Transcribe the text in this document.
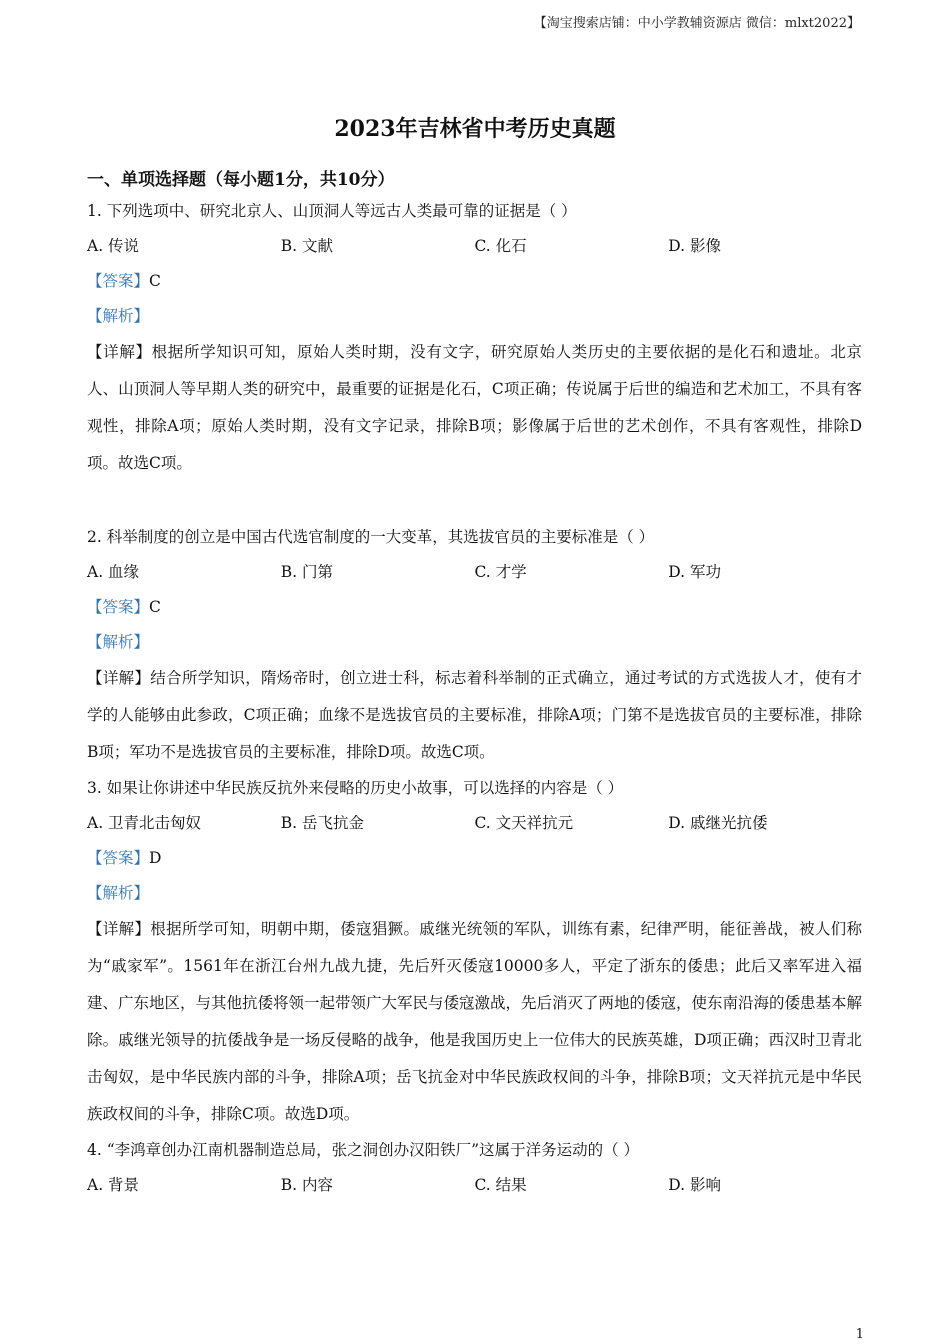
【淘宝搜索店铺：中小学教辅资源店 微信：mlxt2022】
2023年吉林省中考历史真题
一、单项选择题（每小题1分，共10分）
1. 下列选项中、研究北京人、山顶洞人等远古人类最可靠的证据是（ ）
A. 传说	B. 文献	C. 化石	D. 影像
【答案】C
【解析】
【详解】根据所学知识可知，原始人类时期，没有文字，研究原始人类历史的主要依据的是化石和遗址。北京人、山顶洞人等早期人类的研究中，最重要的证据是化石，C项正确；传说属于后世的编造和艺术加工，不具有客观性，排除A项；原始人类时期，没有文字记录，排除B项；影像属于后世的艺术创作，不具有客观性，排除D项。故选C项。
2. 科举制度的创立是中国古代选官制度的一大变革，其选拔官员的主要标准是（ ）
A. 血缘	B. 门第	C. 才学	D. 军功
【答案】C
【解析】
【详解】结合所学知识，隋炀帝时，创立进士科，标志着科举制的正式确立，通过考试的方式选拔人才，使有才学的人能够由此参政，C项正确；血缘不是选拔官员的主要标准，排除A项；门第不是选拔官员的主要标准，排除B项；军功不是选拔官员的主要标准，排除D项。故选C项。
3. 如果让你讲述中华民族反抗外来侵略的历史小故事，可以选择的内容是（ ）
A. 卫青北击匈奴	B. 岳飞抗金	C. 文天祥抗元	D. 戚继光抗倭
【答案】D
【解析】
【详解】根据所学可知，明朝中期，倭寇猖獗。戚继光统领的军队，训练有素，纪律严明，能征善战，被人们称为“戚家军”。1561年在浙江台州九战九捷，先后歼灭倭寇10000多人，平定了浙东的倭患；此后又率军进入福建、广东地区，与其他抗倭将领一起带领广大军民与倭寇激战，先后消灭了两地的倭寇，使东南沿海的倭患基本解除。戚继光领导的抗倭战争是一场反侵略的战争，他是我国历史上一位伟大的民族英雄，D项正确；西汉时卫青北击匈奴，是中华民族内部的斗争，排除A项；岳飞抗金对中华民族政权间的斗争，排除B项；文天祥抗元是中华民族政权间的斗争，排除C项。故选D项。
4. “李鸿章创办江南机器制造总局，张之洞创办汉阳铁厂”这属于洋务运动的（ ）
A. 背景	B. 内容	C. 结果	D. 影响
1
